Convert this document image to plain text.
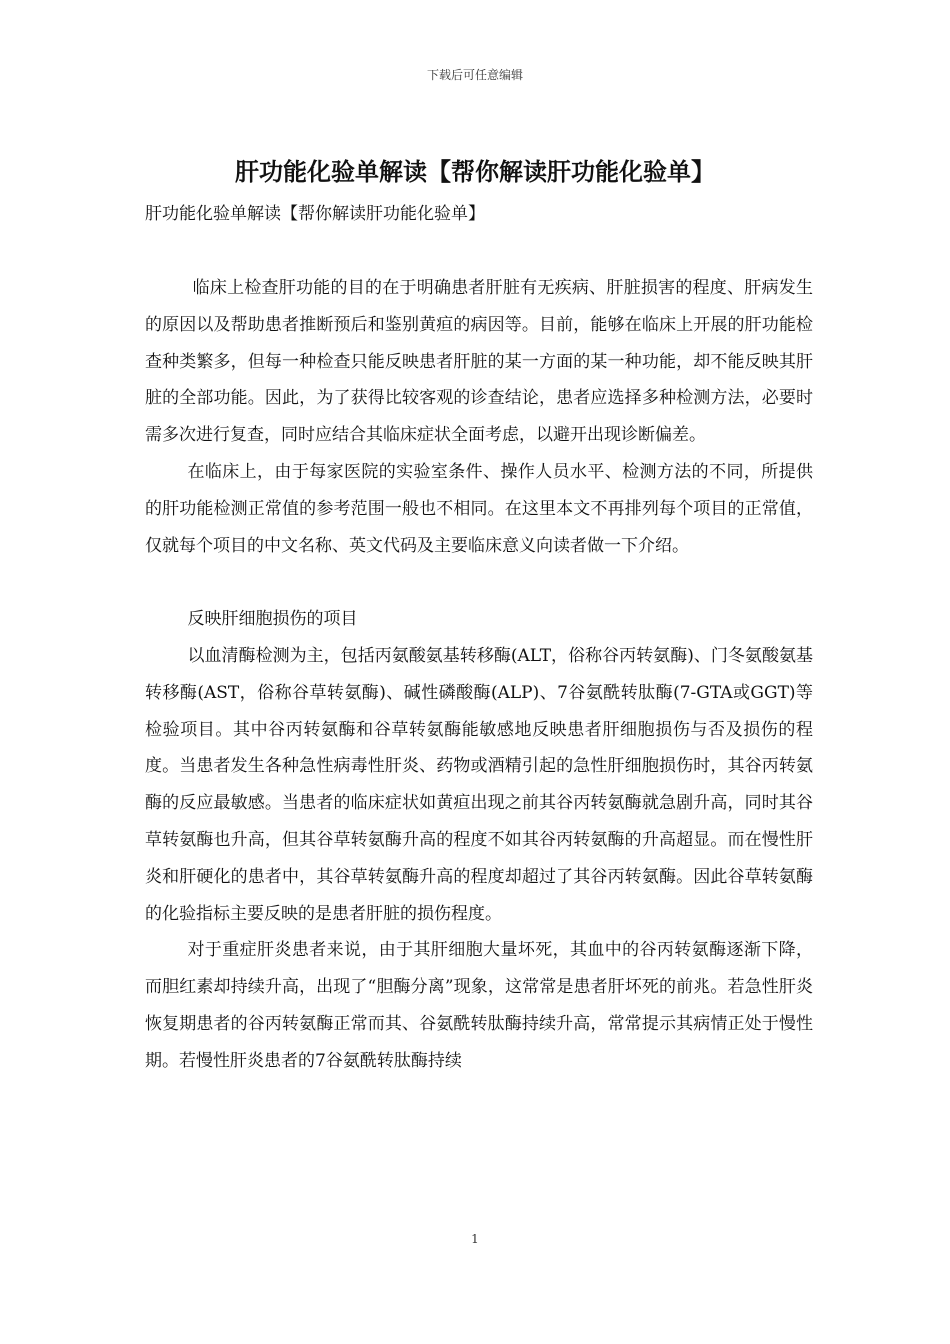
下载后可任意编辑
肝功能化验单解读【帮你解读肝功能化验单】

肝功能化验单解读【帮你解读肝功能化验单】

临床上检查肝功能的目的在于明确患者肝脏有无疾病、肝脏损害的程度、肝病发生的原因以及帮助患者推断预后和鉴别黄疸的病因等。目前，能够在临床上开展的肝功能检查种类繁多，但每一种检查只能反映患者肝脏的某一方面的某一种功能，却不能反映其肝脏的全部功能。因此，为了获得比较客观的诊查结论，患者应选择多种检测方法，必要时需多次进行复查，同时应结合其临床症状全面考虑，以避开出现诊断偏差。

在临床上，由于每家医院的实验室条件、操作人员水平、检测方法的不同，所提供的肝功能检测正常值的参考范围一般也不相同。在这里本文不再排列每个项目的正常值，仅就每个项目的中文名称、英文代码及主要临床意义向读者做一下介绍。

反映肝细胞损伤的项目

以血清酶检测为主，包括丙氨酸氨基转移酶(ALT，俗称谷丙转氨酶)、门冬氨酸氨基转移酶(AST，俗称谷草转氨酶)、碱性磷酸酶(ALP)、7谷氨酰转肽酶(7-GTA或GGT)等检验项目。其中谷丙转氨酶和谷草转氨酶能敏感地反映患者肝细胞损伤与否及损伤的程度。当患者发生各种急性病毒性肝炎、药物或酒精引起的急性肝细胞损伤时，其谷丙转氨酶的反应最敏感。当患者的临床症状如黄疸出现之前其谷丙转氨酶就急剧升高，同时其谷草转氨酶也升高，但其谷草转氨酶升高的程度不如其谷丙转氨酶的升高超显。而在慢性肝炎和肝硬化的患者中，其谷草转氨酶升高的程度却超过了其谷丙转氨酶。因此谷草转氨酶的化验指标主要反映的是患者肝脏的损伤程度。

对于重症肝炎患者来说，由于其肝细胞大量坏死，其血中的谷丙转氨酶逐渐下降，而胆红素却持续升高，出现了“胆酶分离”现象，这常常是患者肝坏死的前兆。若急性肝炎恢复期患者的谷丙转氨酶正常而其、谷氨酰转肽酶持续升高，常常提示其病情正处于慢性期。若慢性肝炎患者的7谷氨酰转肽酶持续

1
